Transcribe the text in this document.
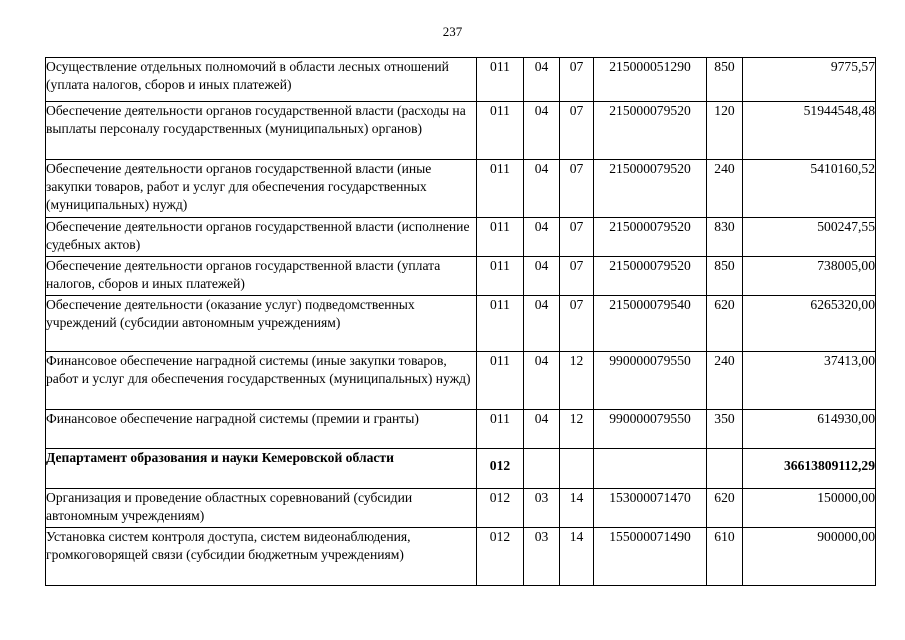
237
Осуществление отдельных полномочий в области лесных отношений (уплата налогов, сборов и иных платежей)	011	04	07	215000051290	850	9775,57
Обеспечение деятельности органов государственной власти (расходы на выплаты персоналу государственных (муниципальных) органов)	011	04	07	215000079520	120	51944548,48
Обеспечение деятельности органов государственной власти (иные закупки товаров, работ и услуг для обеспечения государственных (муниципальных) нужд)	011	04	07	215000079520	240	5410160,52
Обеспечение деятельности органов государственной власти (исполнение судебных актов)	011	04	07	215000079520	830	500247,55
Обеспечение деятельности органов государственной власти (уплата налогов, сборов и иных платежей)	011	04	07	215000079520	850	738005,00
Обеспечение деятельности (оказание услуг) подведомственных учреждений (субсидии автономным учреждениям)	011	04	07	215000079540	620	6265320,00
Финансовое обеспечение наградной системы (иные закупки товаров, работ и услуг для обеспечения государственных (муниципальных) нужд)	011	04	12	990000079550	240	37413,00
Финансовое обеспечение наградной системы (премии и гранты)	011	04	12	990000079550	350	614930,00
Департамент образования и науки Кемеровской области	012					36613809112,29
Организация и проведение областных соревнований (субсидии автономным учреждениям)	012	03	14	153000071470	620	150000,00
Установка систем контроля доступа, систем видеонаблюдения, громкоговорящей связи (субсидии бюджетным учреждениям)	012	03	14	155000071490	610	900000,00
